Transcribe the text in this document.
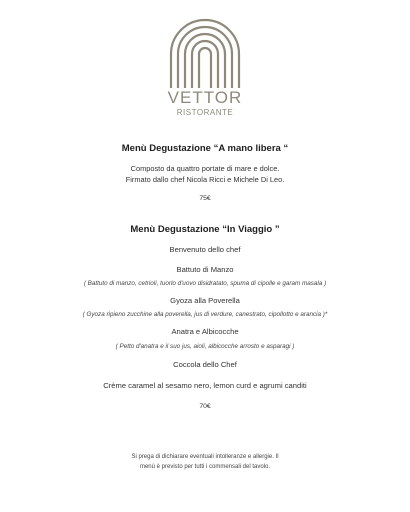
VETTOR
RISTORANTE
Menù Degustazione “A mano libera “
Composto da quattro portate di mare e dolce.
Firmato dallo chef Nicola Ricci e Michele Di Leo.
75€
Menù Degustazione “In Viaggio ”
Benvenuto dello chef
Battuto di Manzo
( Battuto di manzo, cetrioli, tuorlo d'uovo disidratato, spuma di cipolle e garam masala )
Gyoza alla Poverella
( Gyoza ripieno zucchine alla poverella, jus di verdure, canestrato, cipollotto e arancia )*
Anatra e Albicocche
( Petto d'anatra e il suo jus, aioli, albicocche arrosto e asparagi )
Coccola dello Chef
Crème caramel al sesamo nero, lemon curd e agrumi canditi
70€
Si prega di dichiarare eventuali intolleranze e allergie. Il
menù è previsto per tutti i commensali del tavolo.
